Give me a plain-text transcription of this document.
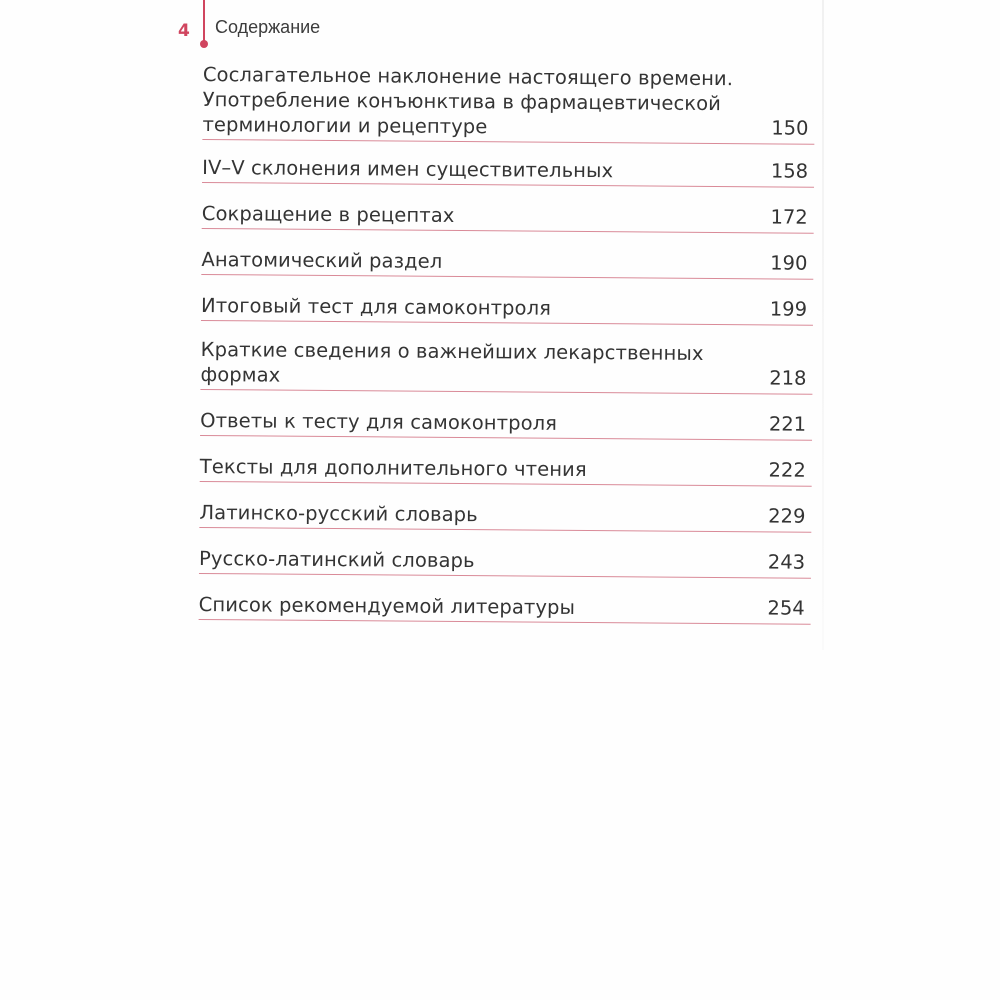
4	Содержание
Сослагательное наклонение настоящего времени. Употребление конъюнктива в фармацевтической терминологии и рецептуре	150
IV–V склонения имен существительных	158
Сокращение в рецептах	172
Анатомический раздел	190
Итоговый тест для самоконтроля	199
Краткие сведения о важнейших лекарственных формах	218
Ответы к тесту для самоконтроля	221
Тексты для дополнительного чтения	222
Латинско-русский словарь	229
Русско-латинский словарь	243
Список рекомендуемой литературы	254
